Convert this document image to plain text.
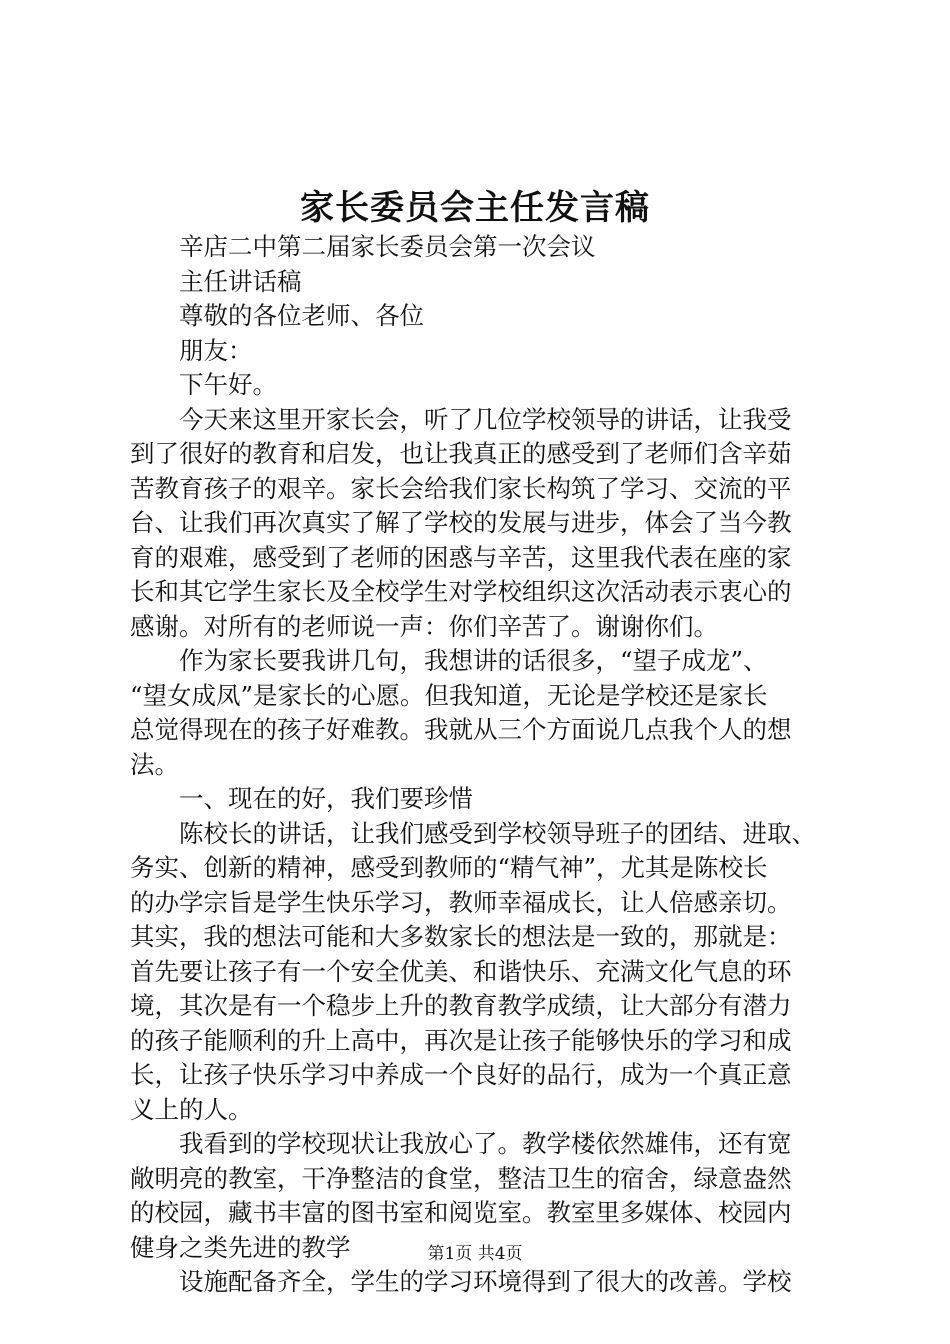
家长委员会主任发言稿
辛店二中第二届家长委员会第一次会议
主任讲话稿
尊敬的各位老师、各位
朋友：
下午好。
今天来这里开家长会，听了几位学校领导的讲话，让我受
到了很好的教育和启发，也让我真正的感受到了老师们含辛茹
苦教育孩子的艰辛。家长会给我们家长构筑了学习、交流的平
台、让我们再次真实了解了学校的发展与进步，体会了当今教
育的艰难，感受到了老师的困惑与辛苦，这里我代表在座的家
长和其它学生家长及全校学生对学校组织这次活动表示衷心的
感谢。对所有的老师说一声：你们辛苦了。谢谢你们。
作为家长要我讲几句，我想讲的话很多，“望子成龙”、
“望女成凤”是家长的心愿。但我知道，无论是学校还是家长
总觉得现在的孩子好难教。我就从三个方面说几点我个人的想
法。
一、现在的好，我们要珍惜
陈校长的讲话，让我们感受到学校领导班子的团结、进取、
务实、创新的精神，感受到教师的“精气神”，尤其是陈校长
的办学宗旨是学生快乐学习，教师幸福成长，让人倍感亲切。
其实，我的想法可能和大多数家长的想法是一致的，那就是：
首先要让孩子有一个安全优美、和谐快乐、充满文化气息的环
境，其次是有一个稳步上升的教育教学成绩，让大部分有潜力
的孩子能顺利的升上高中，再次是让孩子能够快乐的学习和成
长，让孩子快乐学习中养成一个良好的品行，成为一个真正意
义上的人。
我看到的学校现状让我放心了。教学楼依然雄伟，还有宽
敞明亮的教室，干净整洁的食堂，整洁卫生的宿舍，绿意盎然
的校园，藏书丰富的图书室和阅览室。教室里多媒体、校园内
健身之类先进的教学
设施配备齐全，学生的学习环境得到了很大的改善。学校
第1页 共4页
